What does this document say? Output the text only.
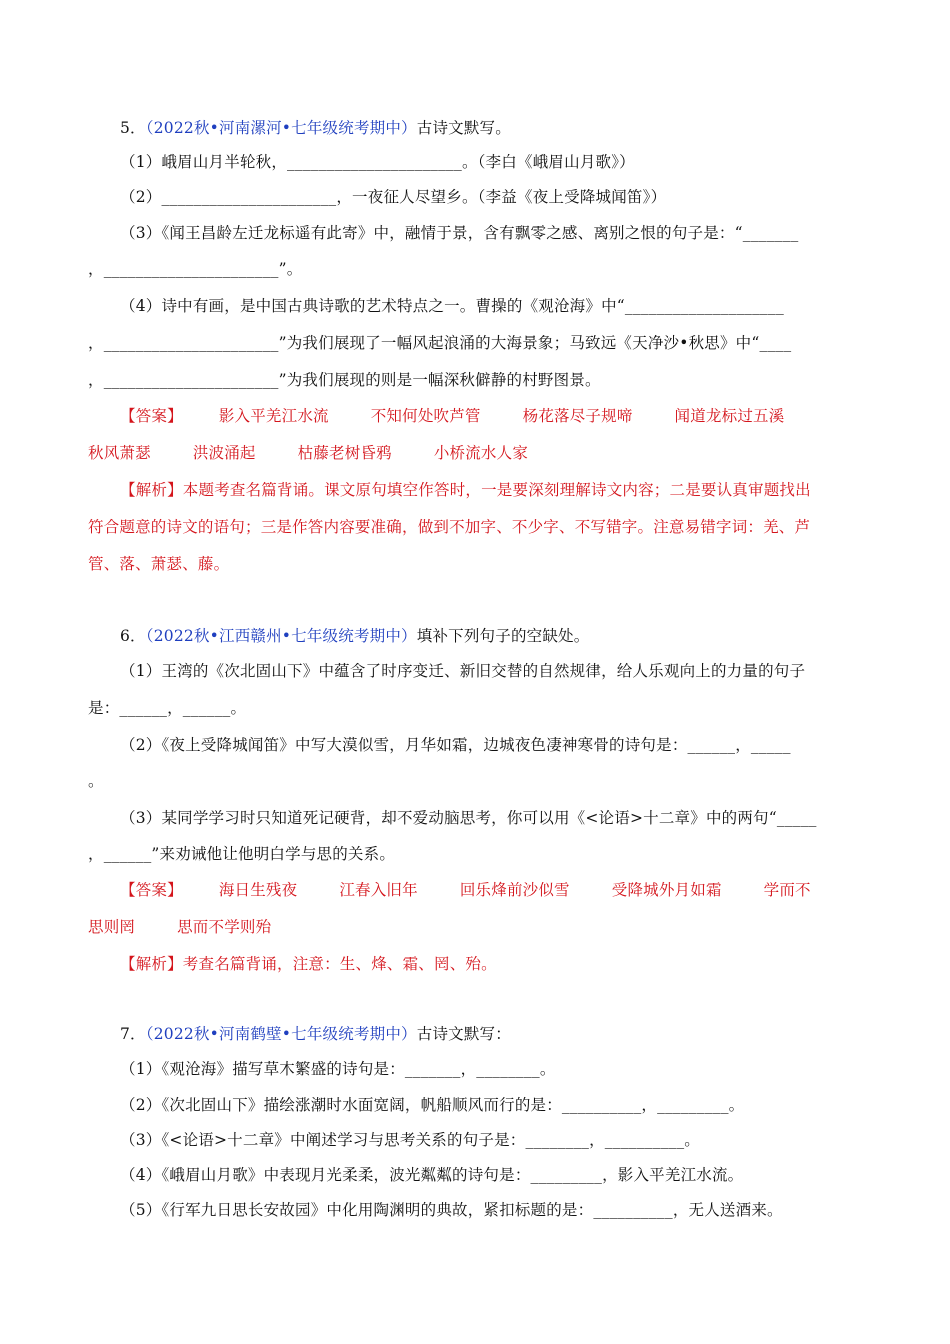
5．（2022秋•河南漯河•七年级统考期中）古诗文默写。
（1）峨眉山月半轮秋，______________________。（李白《峨眉山月歌》）
（2）______________________，一夜征人尽望乡。（李益《夜上受降城闻笛》）
（3）《闻王昌龄左迁龙标遥有此寄》中，融情于景，含有飘零之感、离别之恨的句子是：“_______
，______________________”。
（4）诗中有画，是中国古典诗歌的艺术特点之一。曹操的《观沧海》中“____________________
，______________________”为我们展现了一幅风起浪涌的大海景象；马致远《天净沙•秋思》中“____
，______________________”为我们展现的则是一幅深秋僻静的村野图景。
【答案】 影入平羌江水流	不知何处吹芦管	杨花落尽子规啼	闻道龙标过五溪
秋风萧瑟	洪波涌起	枯藤老树昏鸦	小桥流水人家
【解析】本题考查名篇背诵。课文原句填空作答时，一是要深刻理解诗文内容；二是要认真审题找出
符合题意的诗文的语句；三是作答内容要准确，做到不加字、不少字、不写错字。注意易错字词：羌、芦
管、落、萧瑟、藤。
6．（2022秋•江西赣州•七年级统考期中）填补下列句子的空缺处。
（1）王湾的《次北固山下》中蕴含了时序变迁、新旧交替的自然规律，给人乐观向上的力量的句子
是：______，______。
（2）《夜上受降城闻笛》中写大漠似雪，月华如霜，边城夜色凄神寒骨的诗句是：______，_____
。
（3）某同学学习时只知道死记硬背，却不爱动脑思考，你可以用《<论语>十二章》中的两句“_____
，______”来劝诫他让他明白学与思的关系。
【答案】 海日生残夜	江春入旧年	回乐烽前沙似雪	受降城外月如霜	学而不
思则罔	思而不学则殆
【解析】考查名篇背诵，注意：生、烽、霜、罔、殆。
7．（2022秋•河南鹤壁•七年级统考期中）古诗文默写：
（1）《观沧海》描写草木繁盛的诗句是：_______，________。
（2）《次北固山下》描绘涨潮时水面宽阔，帆船顺风而行的是：__________，_________。
（3）《<论语>十二章》中阐述学习与思考关系的句子是：________，__________。
（4）《峨眉山月歌》中表现月光柔柔，波光粼粼的诗句是：_________，影入平羌江水流。
（5）《行军九日思长安故园》中化用陶渊明的典故，紧扣标题的是：__________，无人送酒来。
